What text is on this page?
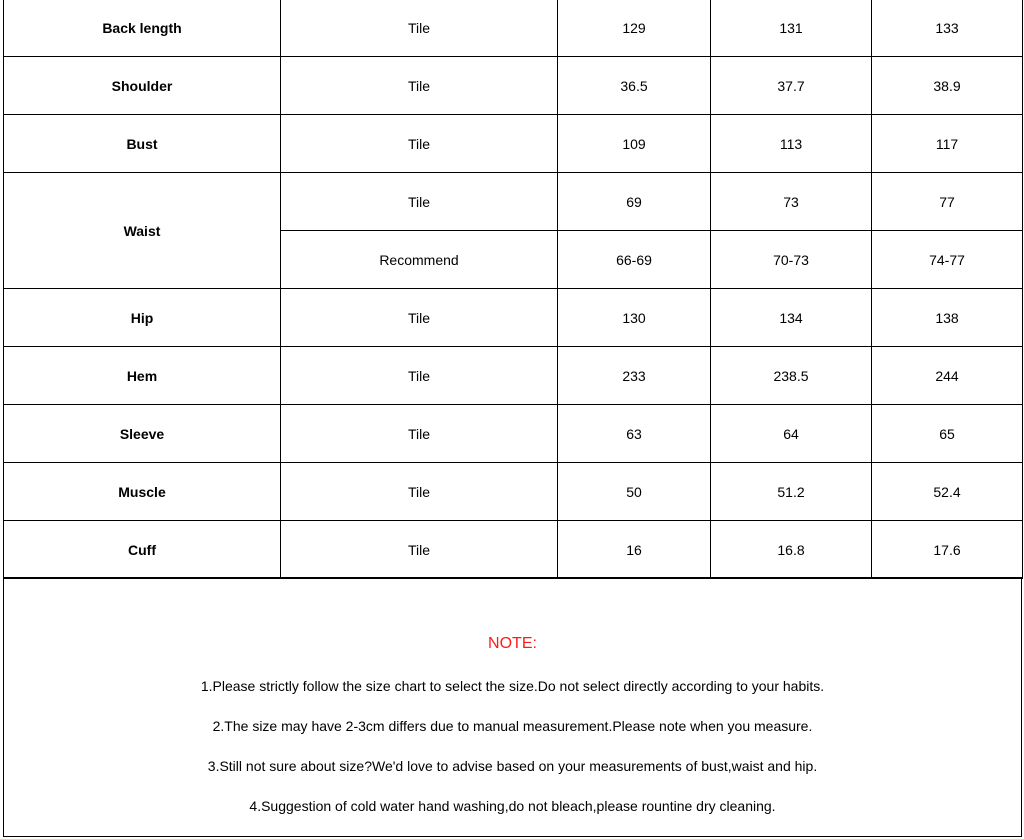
Back length	Tile	129	131	133
Shoulder	Tile	36.5	37.7	38.9
Bust	Tile	109	113	117
Waist	Tile	69	73	77
	Recommend	66-69	70-73	74-77
Hip	Tile	130	134	138
Hem	Tile	233	238.5	244
Sleeve	Tile	63	64	65
Muscle	Tile	50	51.2	52.4
Cuff	Tile	16	16.8	17.6
NOTE:
1.Please strictly follow the size chart to select the size.Do not select directly according to your habits.
2.The size may have 2-3cm differs due to manual measurement.Please note when you measure.
3.Still not sure about size?We'd love to advise based on your measurements of bust,waist and hip.
4.Suggestion of cold water hand washing,do not bleach,please rountine dry cleaning.
